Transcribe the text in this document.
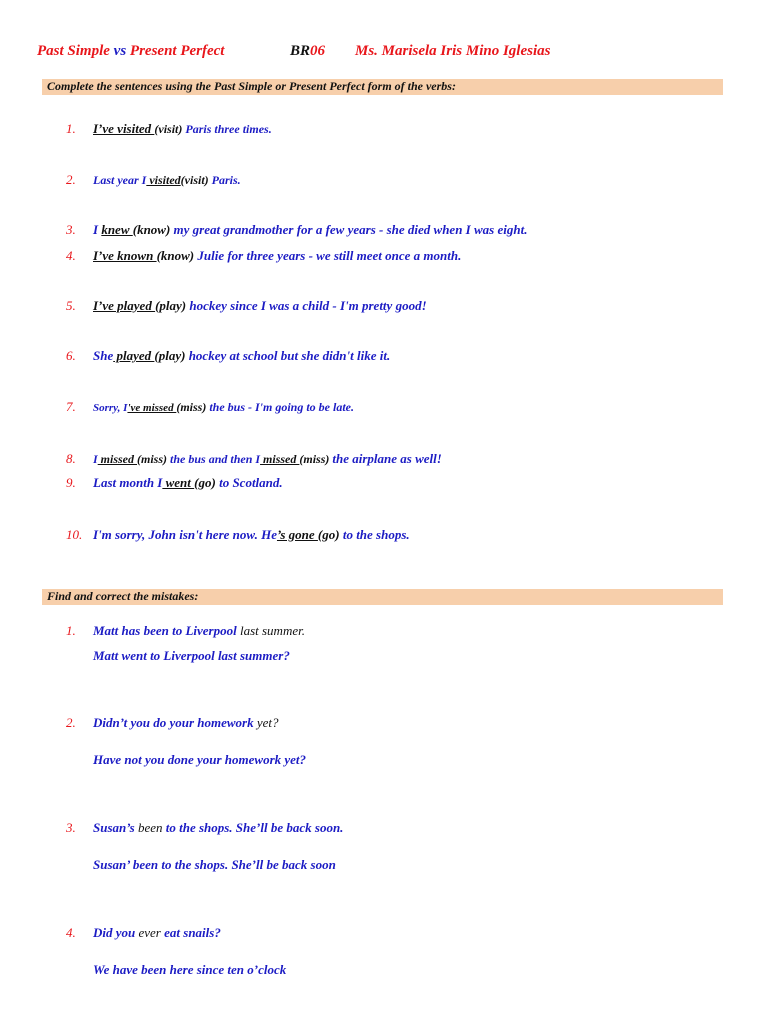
Past Simple vs Present Perfect	BR06 Ms. Marisela Iris Mino Iglesias
Complete the sentences using the Past Simple or Present Perfect form of the verbs:
1. I’ve visited (visit) Paris three times.
2. Last year I visited(visit) Paris.
3. I knew (know) my great grandmother for a few years - she died when I was eight.
4. I’ve known (know) Julie for three years - we still meet once a month.
5. I’ve played (play) hockey since I was a child - I'm pretty good!
6. She played (play) hockey at school but she didn't like it.
7. Sorry, I've missed (miss) the bus - I'm going to be late.
8. I missed (miss) the bus and then I missed (miss) the airplane as well!
9. Last month I went (go) to Scotland.
10. I'm sorry, John isn't here now. He’s gone (go) to the shops.
Find and correct the mistakes:
1. Matt has been to Liverpool last summer.
Matt went to Liverpool last summer?
2. Didn’t you do your homework yet?
Have not you done your homework yet?
3. Susan’s been to the shops. She’ll be back soon.
Susan’ been to the shops. She’ll be back soon
4. Did you ever eat snails?
We have been here since ten o’clock
